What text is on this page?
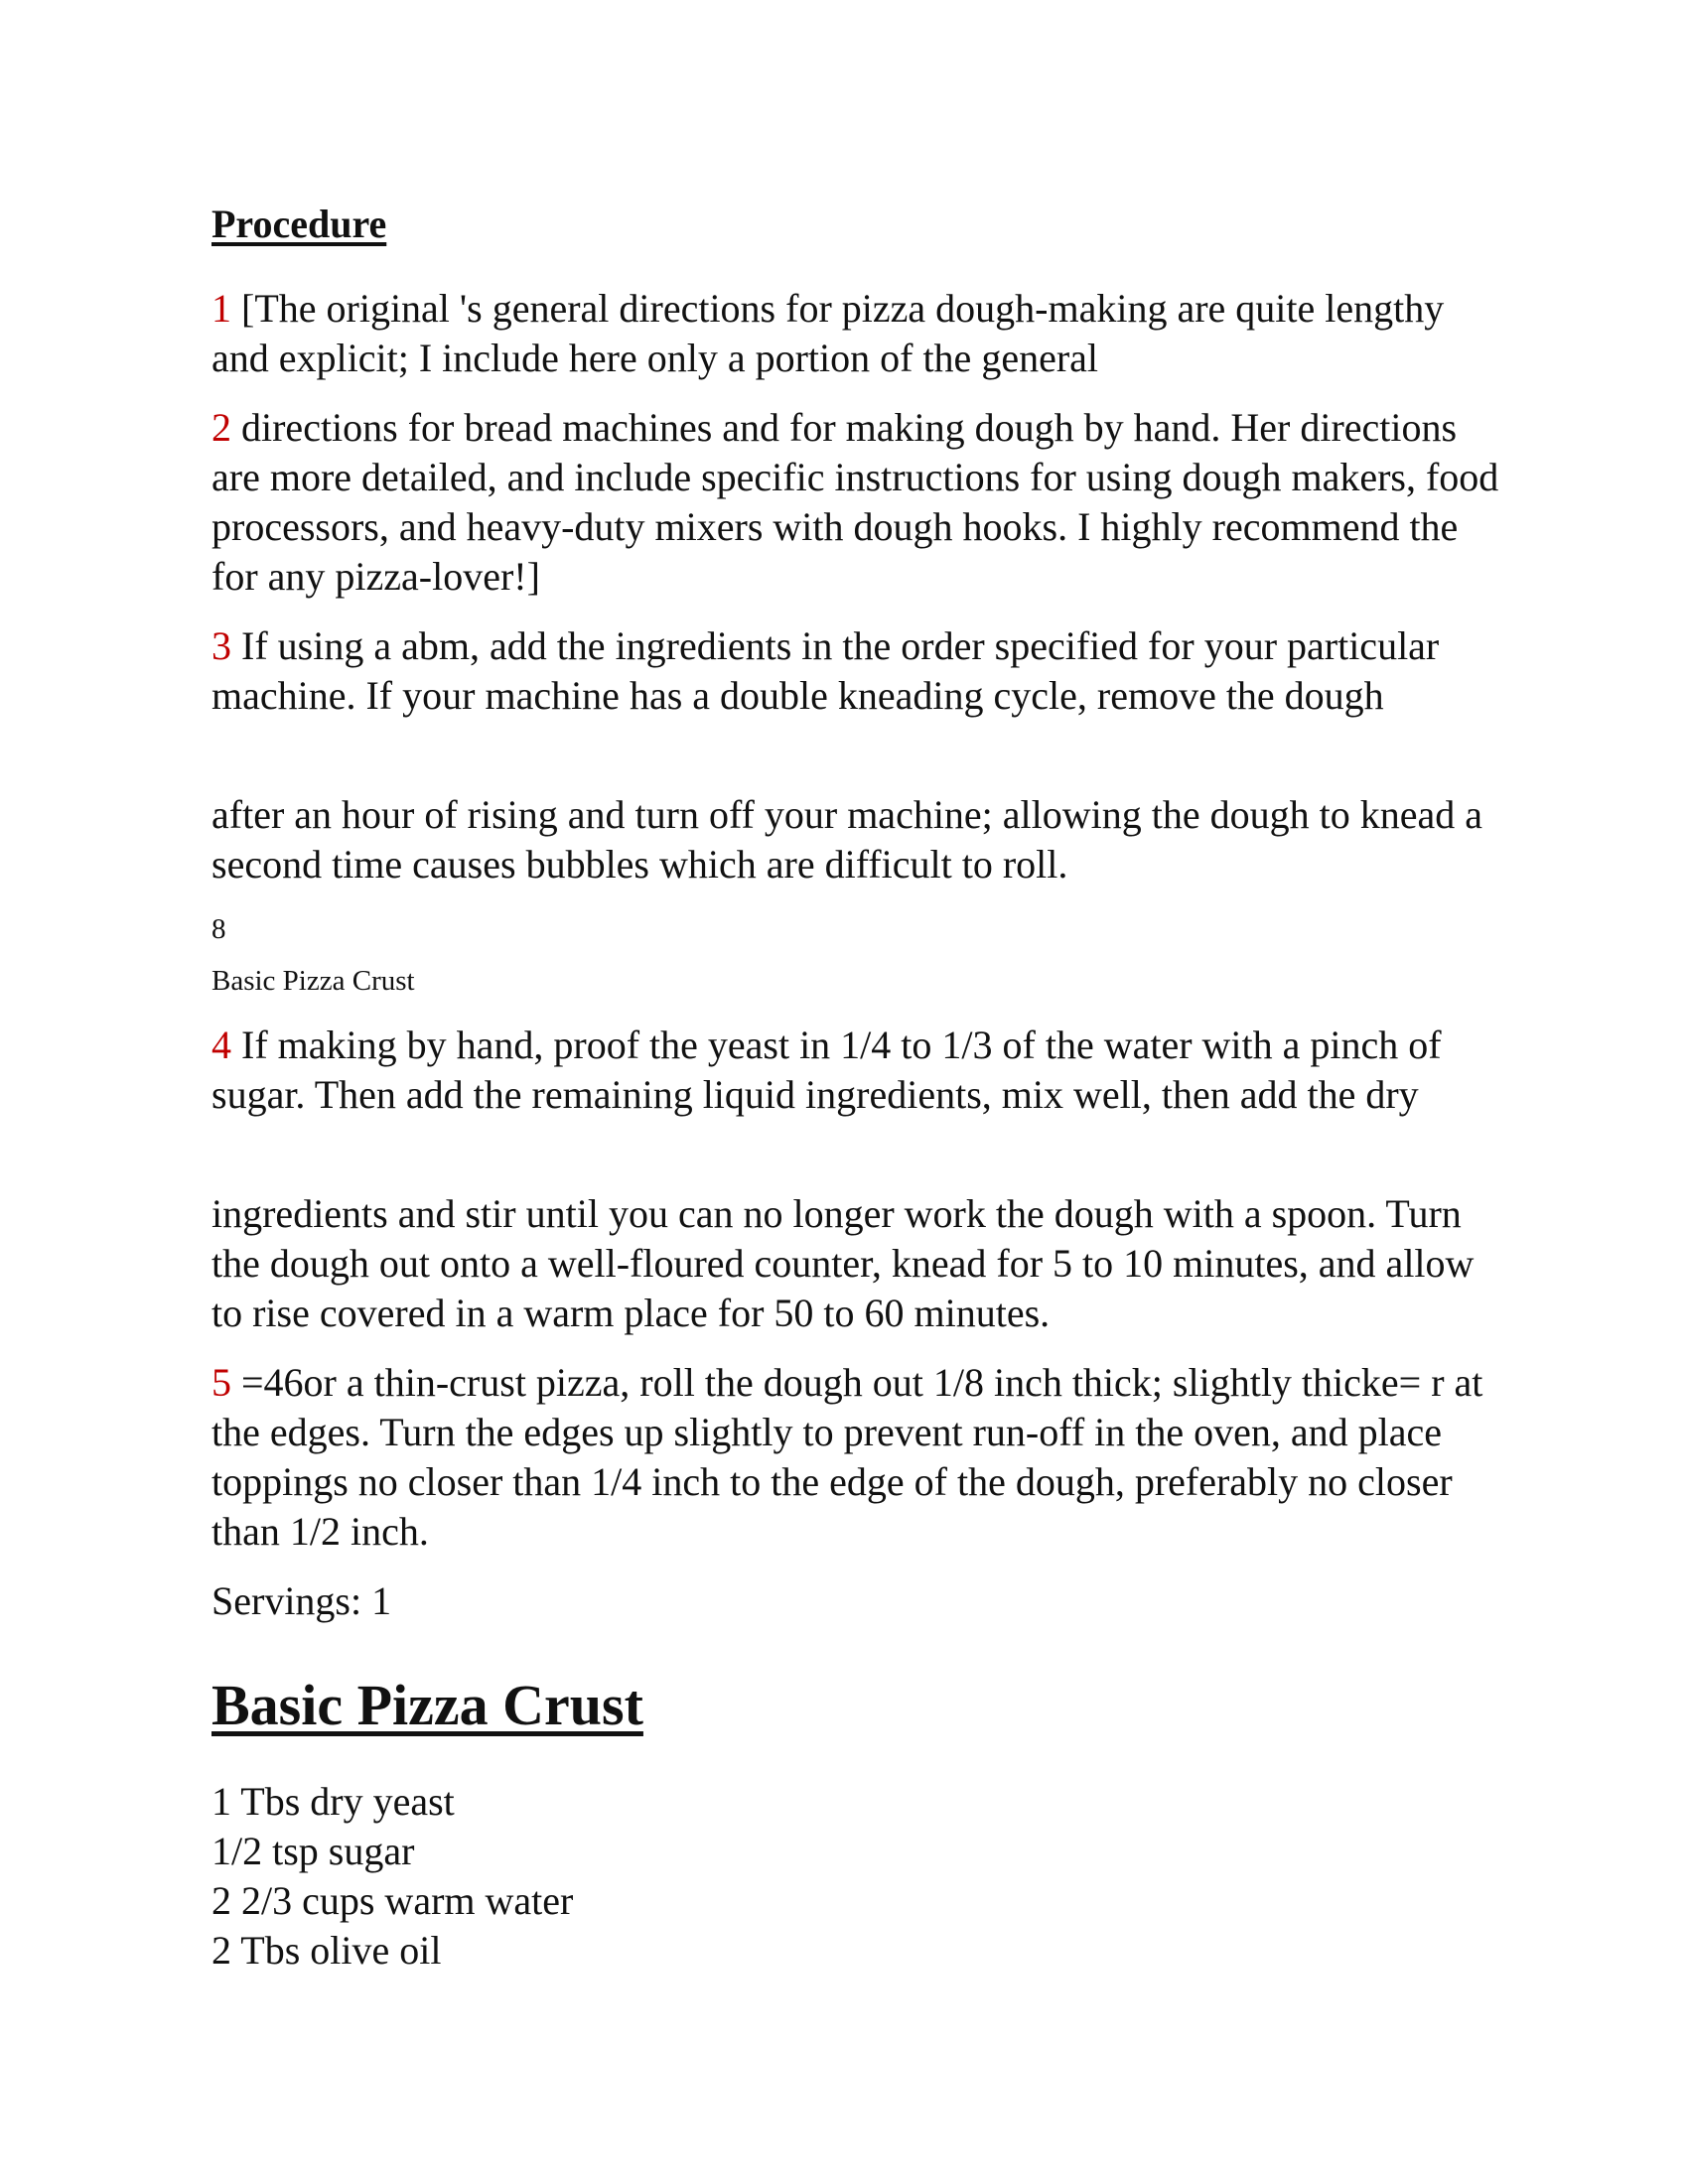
Procedure

1 [The original 's general directions for pizza dough-making are quite lengthy and explicit; I include here only a portion of the general

2 directions for bread machines and for making dough by hand. Her directions are more detailed, and include specific instructions for using dough makers, food processors, and heavy-duty mixers with dough hooks. I highly recommend the for any pizza-lover!]

3 If using a abm, add the ingredients in the order specified for your particular machine. If your machine has a double kneading cycle, remove the dough

after an hour of rising and turn off your machine; allowing the dough to knead a second time causes bubbles which are difficult to roll.

8

Basic Pizza Crust

4 If making by hand, proof the yeast in 1/4 to 1/3 of the water with a pinch of sugar. Then add the remaining liquid ingredients, mix well, then add the dry

ingredients and stir until you can no longer work the dough with a spoon. Turn the dough out onto a well-floured counter, knead for 5 to 10 minutes, and allow to rise covered in a warm place for 50 to 60 minutes.

5 =46or a thin-crust pizza, roll the dough out 1/8 inch thick; slightly thicke= r at the edges. Turn the edges up slightly to prevent run-off in the oven, and place toppings no closer than 1/4 inch to the edge of the dough, preferably no closer than 1/2 inch.

Servings: 1

Basic Pizza Crust
1 Tbs dry yeast
1/2 tsp sugar
2 2/3 cups warm water
2 Tbs olive oil
